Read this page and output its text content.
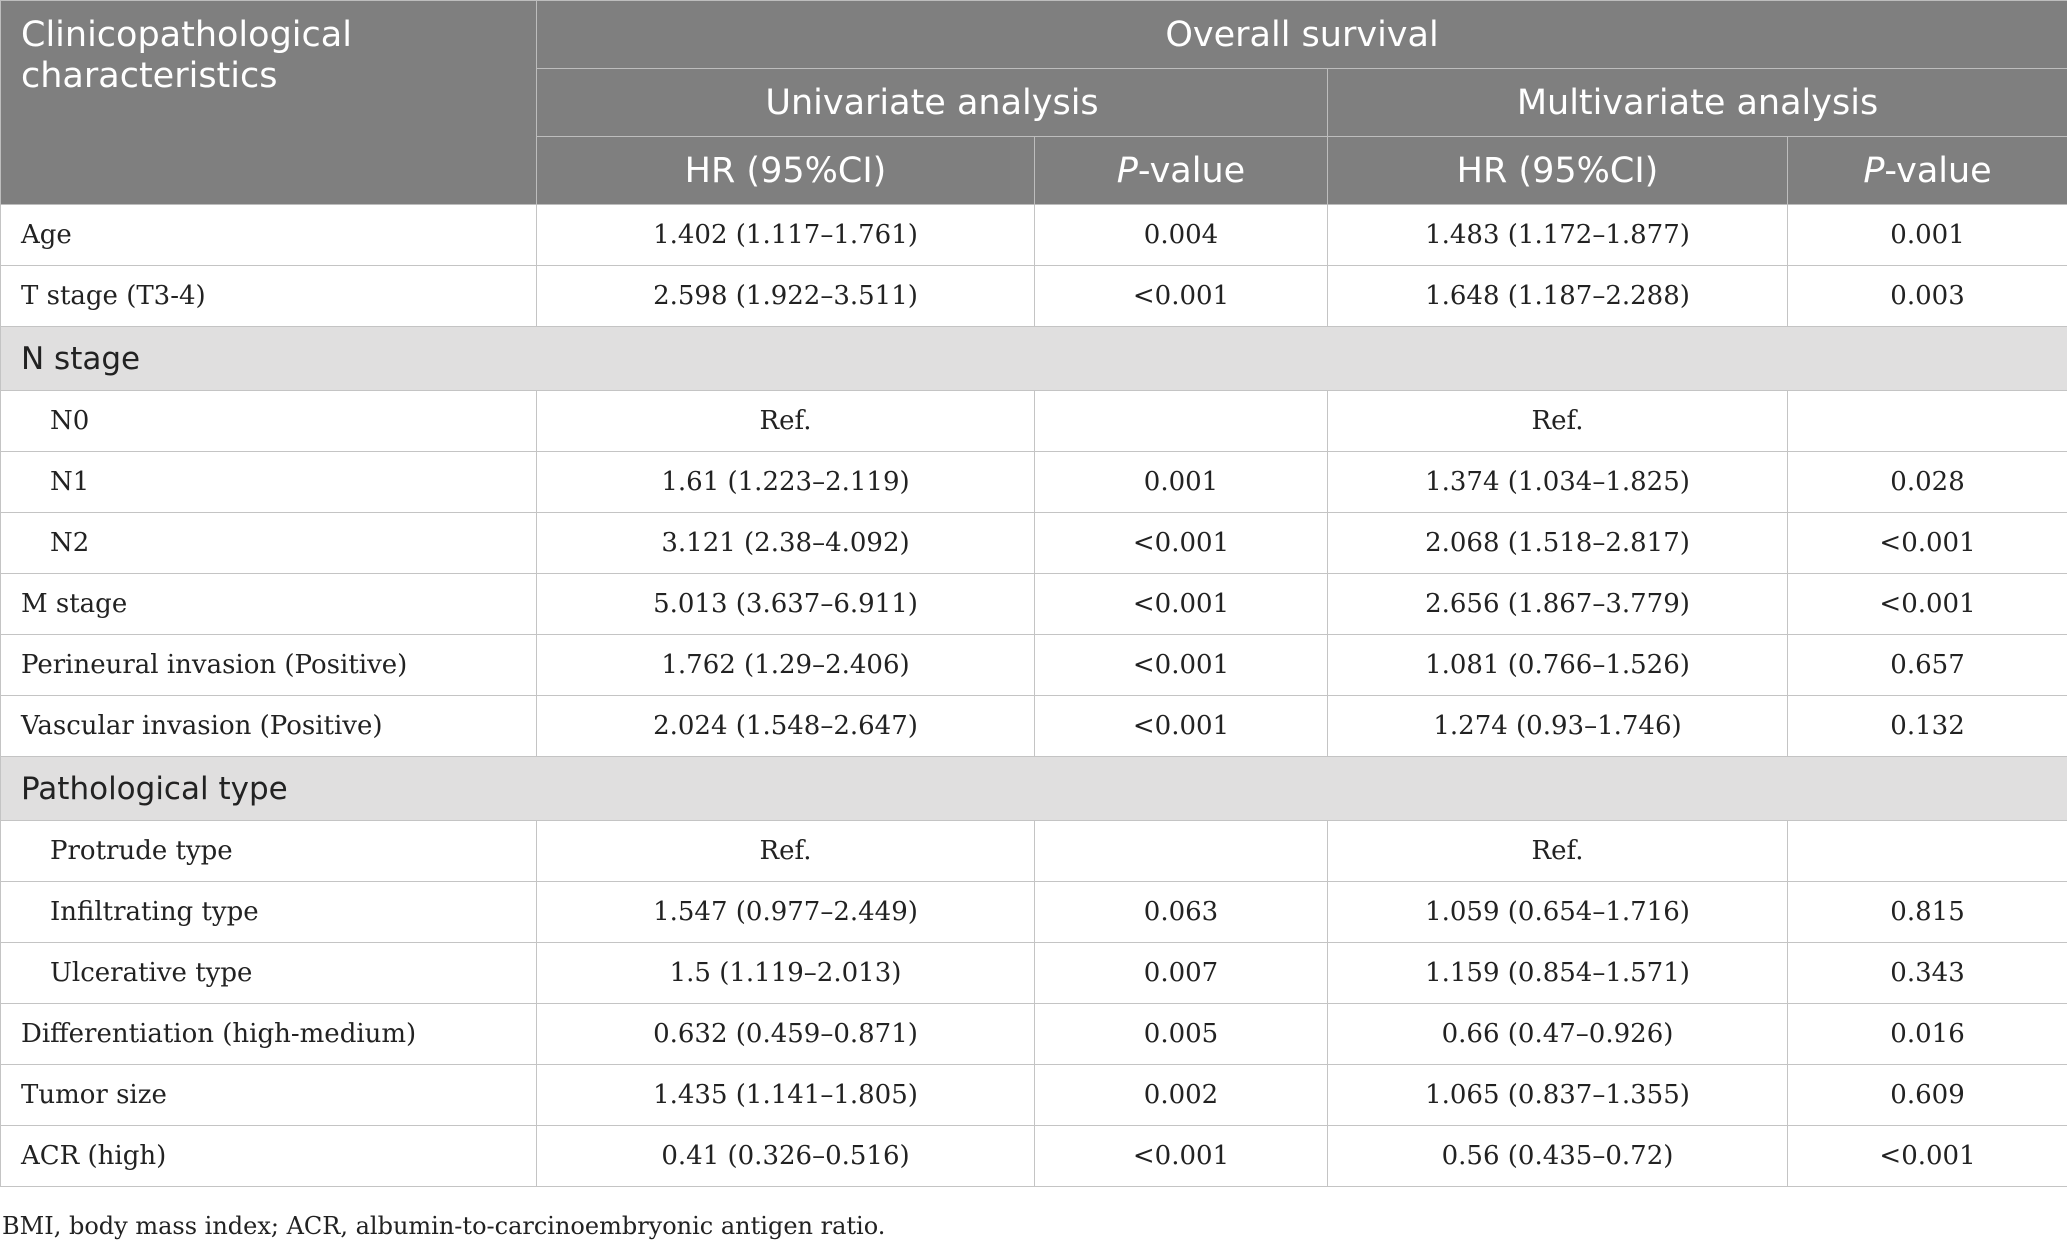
Clinicopathological characteristics	Overall survival			
	Univariate analysis		Multivariate analysis	
	HR (95%CI)	P-value	HR (95%CI)	P-value
Age	1.402 (1.117–1.761)	0.004	1.483 (1.172–1.877)	0.001
T stage (T3-4)	2.598 (1.922–3.511)	<0.001	1.648 (1.187–2.288)	0.003
N stage				
N0	Ref.		Ref.	
N1	1.61 (1.223–2.119)	0.001	1.374 (1.034–1.825)	0.028
N2	3.121 (2.38–4.092)	<0.001	2.068 (1.518–2.817)	<0.001
M stage	5.013 (3.637–6.911)	<0.001	2.656 (1.867–3.779)	<0.001
Perineural invasion (Positive)	1.762 (1.29–2.406)	<0.001	1.081 (0.766–1.526)	0.657
Vascular invasion (Positive)	2.024 (1.548–2.647)	<0.001	1.274 (0.93–1.746)	0.132
Pathological type				
Protrude type	Ref.		Ref.	
Infiltrating type	1.547 (0.977–2.449)	0.063	1.059 (0.654–1.716)	0.815
Ulcerative type	1.5 (1.119–2.013)	0.007	1.159 (0.854–1.571)	0.343
Differentiation (high-medium)	0.632 (0.459–0.871)	0.005	0.66 (0.47–0.926)	0.016
Tumor size	1.435 (1.141–1.805)	0.002	1.065 (0.837–1.355)	0.609
ACR (high)	0.41 (0.326–0.516)	<0.001	0.56 (0.435–0.72)	<0.001
BMI, body mass index; ACR, albumin-to-carcinoembryonic antigen ratio.
